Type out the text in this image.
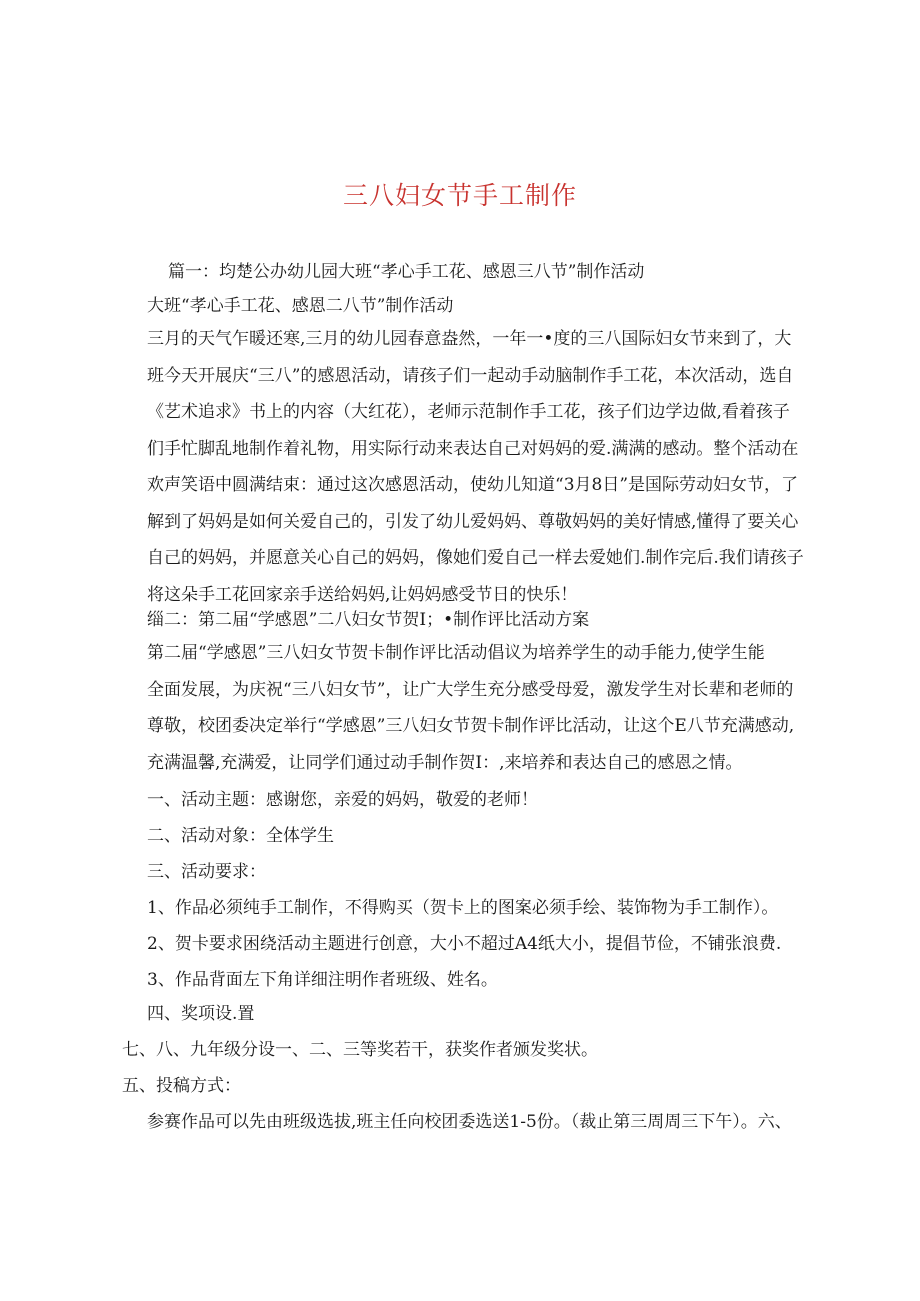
三八妇女节手工制作
篇一：均楚公办幼儿园大班“孝心手工花、感恩三八节”制作活动
大班“孝心手工花、感恩二八节”制作活动
三月的天气乍暖还寒,三月的幼儿园春意盎然，一年一•度的三八国际妇女节来到了，大
班今天开展庆“三八”的感恩活动，请孩子们一起动手动脑制作手工花，本次活动，选自
《艺术追求》书上的内容（大红花），老师示范制作手工花，孩子们边学边做,看着孩子
们手忙脚乱地制作着礼物，用实际行动来表达自己对妈妈的爱.满满的感动。整个活动在
欢声笑语中圆满结束：通过这次感恩活动，使幼儿知道“3月8日”是国际劳动妇女节，了
解到了妈妈是如何关爱自己的，引发了幼儿爱妈妈、尊敬妈妈的美好情感,懂得了要关心
自己的妈妈，并愿意关心自己的妈妈，像她们爱自己一样去爱她们.制作完后.我们请孩子
将这朵手工花回家亲手送给妈妈,让妈妈感受节日的快乐！
缁二：第二届“学感恩”二八妇女节贺I；•制作评比活动方案
第二届“学感恩”三八妇女节贺卡制作评比活动倡议为培养学生的动手能力,使学生能
全面发展，为庆祝“三八妇女节”，让广大学生充分感受母爱，激发学生对长辈和老师的
尊敬，校团委决定举行“学感恩”三八妇女节贺卡制作评比活动，让这个E八节充满感动,
充满温馨,充满爱，让同学们通过动手制作贺I：,来培养和表达自己的感恩之情。
一、活动主题：感谢您，亲爱的妈妈，敬爱的老师！
二、活动对象：全体学生
三、活动要求：
1、作品必须纯手工制作，不得购买（贺卡上的图案必须手绘、装饰物为手工制作）。
2、贺卡要求困绕活动主题进行创意，大小不超过A4纸大小，提倡节俭，不铺张浪费.
3、作品背面左下角详细注明作者班级、姓名。
四、奖项设.置
七、八、九年级分设一、二、三等奖若干，获奖作者颁发奖状。
五、投稿方式：
参赛作品可以先由班级选拔,班主任向校团委选送1-5份。（裁止第三周周三下午）。六、
